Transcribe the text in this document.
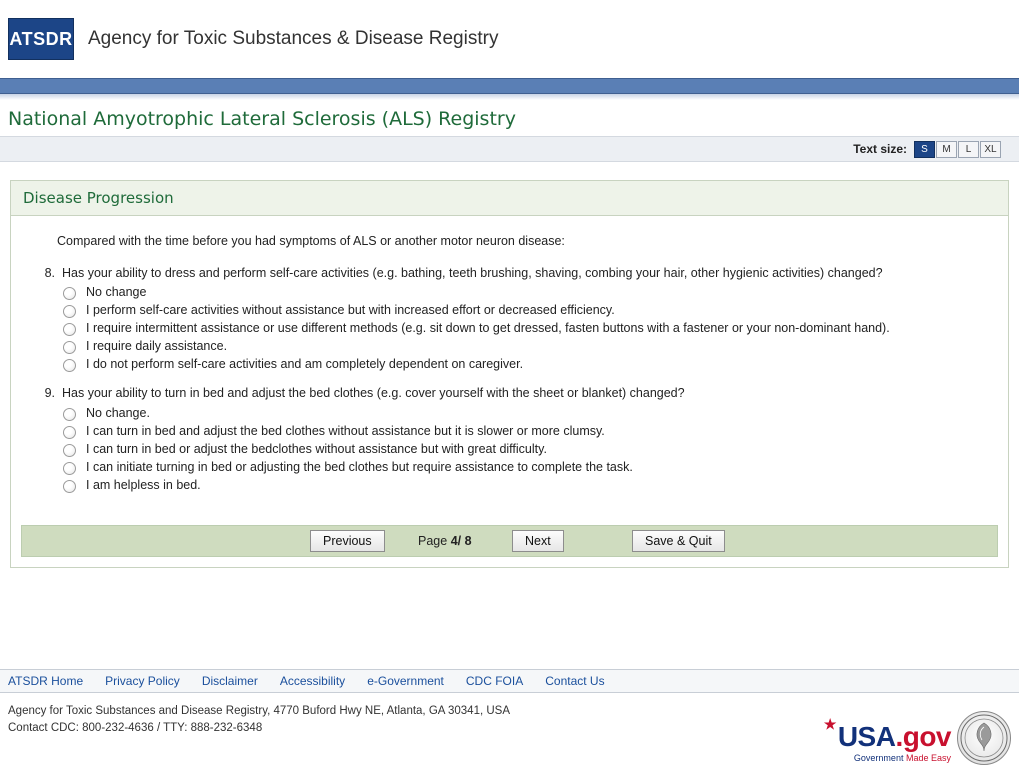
ATSDR Agency for Toxic Substances & Disease Registry
National Amyotrophic Lateral Sclerosis (ALS) Registry
Text size:	S	M	L	XL
Disease Progression
Compared with the time before you had symptoms of ALS or another motor neuron disease:
8. Has your ability to dress and perform self-care activities (e.g. bathing, teeth brushing, shaving, combing your hair, other hygienic activities) changed?
No change
I perform self-care activities without assistance but with increased effort or decreased efficiency.
I require intermittent assistance or use different methods (e.g. sit down to get dressed, fasten buttons with a fastener or your non-dominant hand).
I require daily assistance.
I do not perform self-care activities and am completely dependent on caregiver.
9. Has your ability to turn in bed and adjust the bed clothes (e.g. cover yourself with the sheet or blanket) changed?
No change.
I can turn in bed and adjust the bed clothes without assistance but it is slower or more clumsy.
I can turn in bed or adjust the bedclothes without assistance but with great difficulty.
I can initiate turning in bed or adjusting the bed clothes but require assistance to complete the task.
I am helpless in bed.
Previous	Page 4/ 8	Next	Save & Quit
ATSDR Home Privacy Policy Disclaimer Accessibility e-Government CDC FOIA Contact Us
Agency for Toxic Substances and Disease Registry, 4770 Buford Hwy NE, Atlanta, GA 30341, USA
Contact CDC: 800-232-4636 / TTY: 888-232-6348	★ USA.gov
Government Made Easy
